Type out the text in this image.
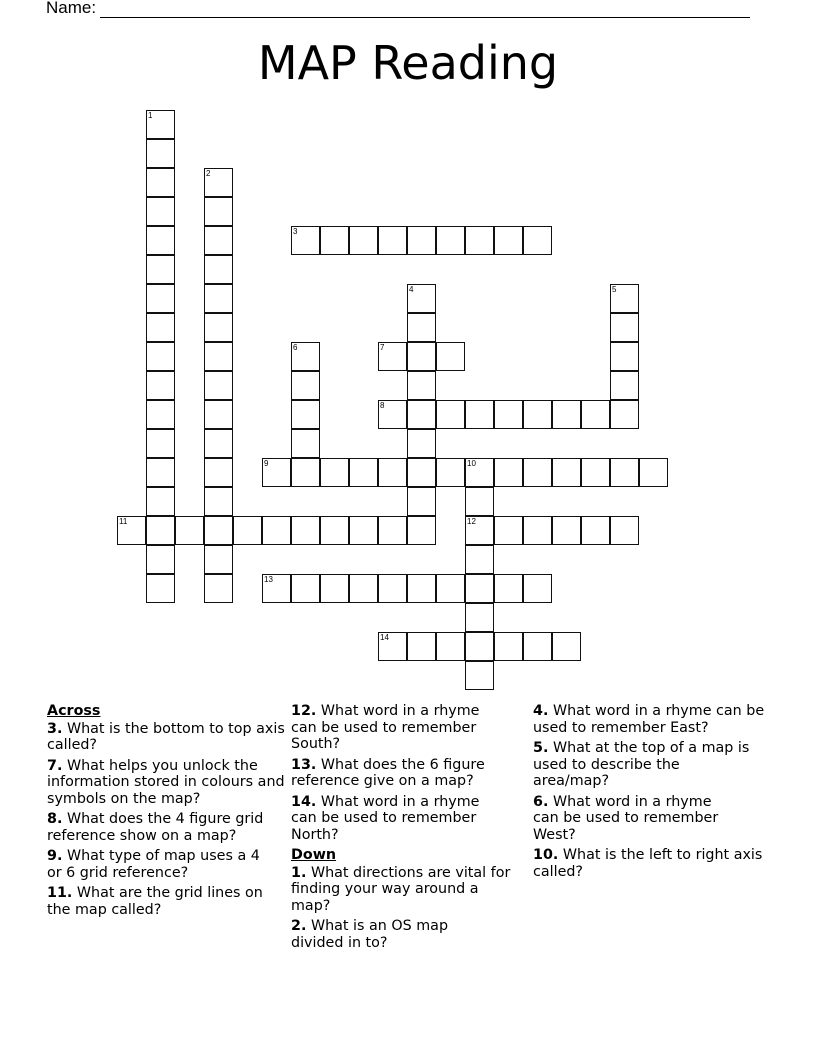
Name:
MAP Reading
1
2
3
4	5
6	7
8
9	10
12
11
13
14
Across
3. What is the bottom to top axis called?
7. What helps you unlock the information stored in colours and symbols on the map?
8. What does the 4 figure grid reference show on a map?
9. What type of map uses a 4 or 6 grid reference?
11. What are the grid lines on the map called?
12. What word in a rhyme can be used to remember South?
13. What does the 6 figure reference give on a map?
14. What word in a rhyme can be used to remember North?
Down
1. What directions are vital for finding your way around a map?
2. What is an OS map divided in to?
4. What word in a rhyme can be used to remember East?
5. What at the top of a map is used to describe the area/map?
6. What word in a rhyme can be used to remember West?
10. What is the left to right axis called?
